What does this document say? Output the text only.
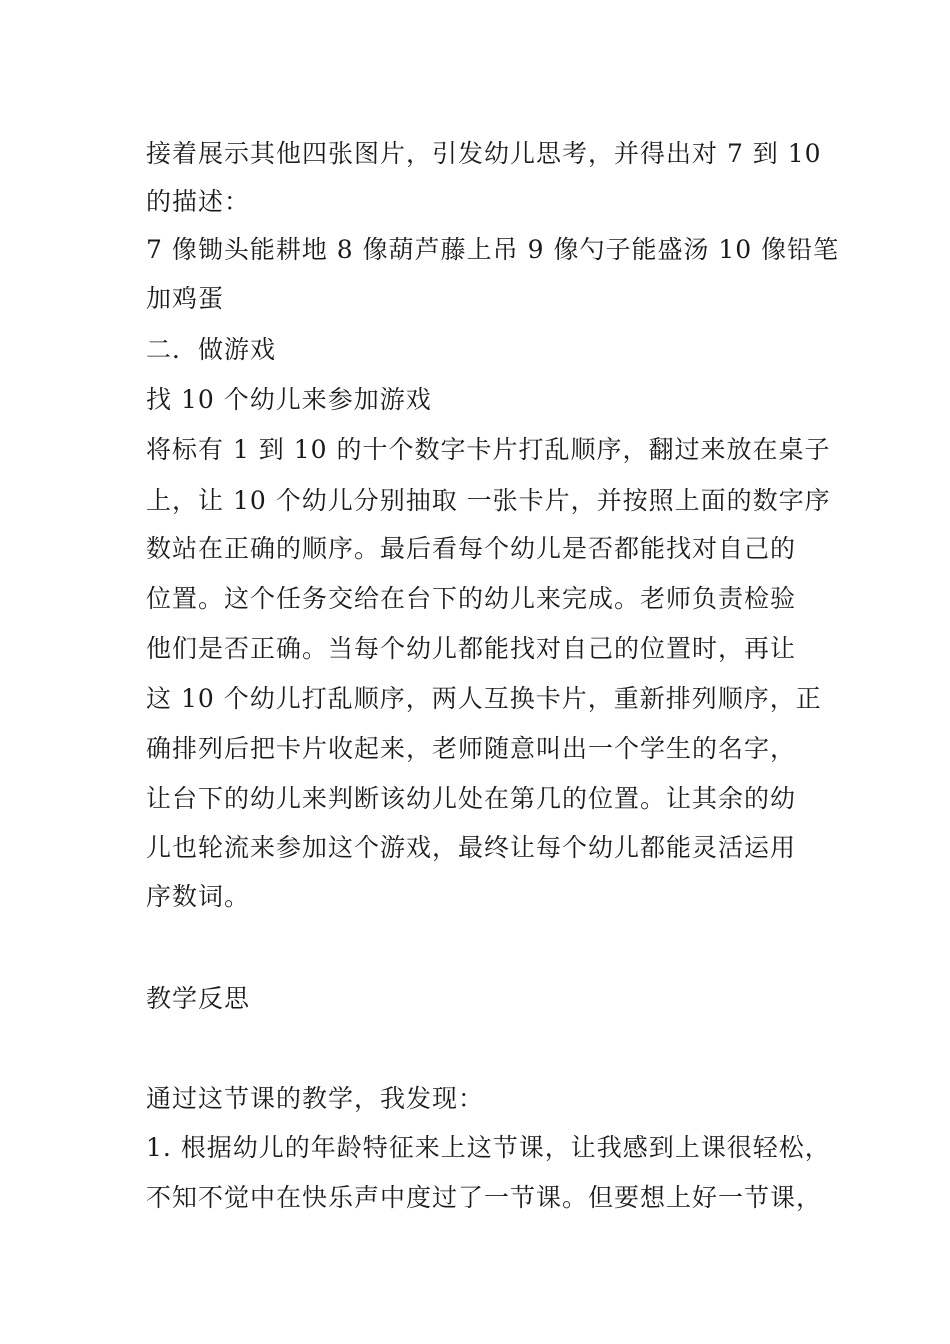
接着展示其他四张图片，引发幼儿思考，并得出对 7 到 10
的描述：
7 像锄头能耕地 8 像葫芦藤上吊 9 像勺子能盛汤 10 像铅笔
加鸡蛋
二．做游戏
找 10 个幼儿来参加游戏
将标有 1 到 10 的十个数字卡片打乱顺序，翻过来放在桌子
上，让 10 个幼儿分别抽取 一张卡片，并按照上面的数字序
数站在正确的顺序。最后看每个幼儿是否都能找对自己的
位置。这个任务交给在台下的幼儿来完成。老师负责检验
他们是否正确。当每个幼儿都能找对自己的位置时，再让
这 10 个幼儿打乱顺序，两人互换卡片，重新排列顺序，正
确排列后把卡片收起来，老师随意叫出一个学生的名字，
让台下的幼儿来判断该幼儿处在第几的位置。让其余的幼
儿也轮流来参加这个游戏，最终让每个幼儿都能灵活运用
序数词。
教学反思
通过这节课的教学，我发现：
1. 根据幼儿的年龄特征来上这节课，让我感到上课很轻松，
不知不觉中在快乐声中度过了一节课。但要想上好一节课，
